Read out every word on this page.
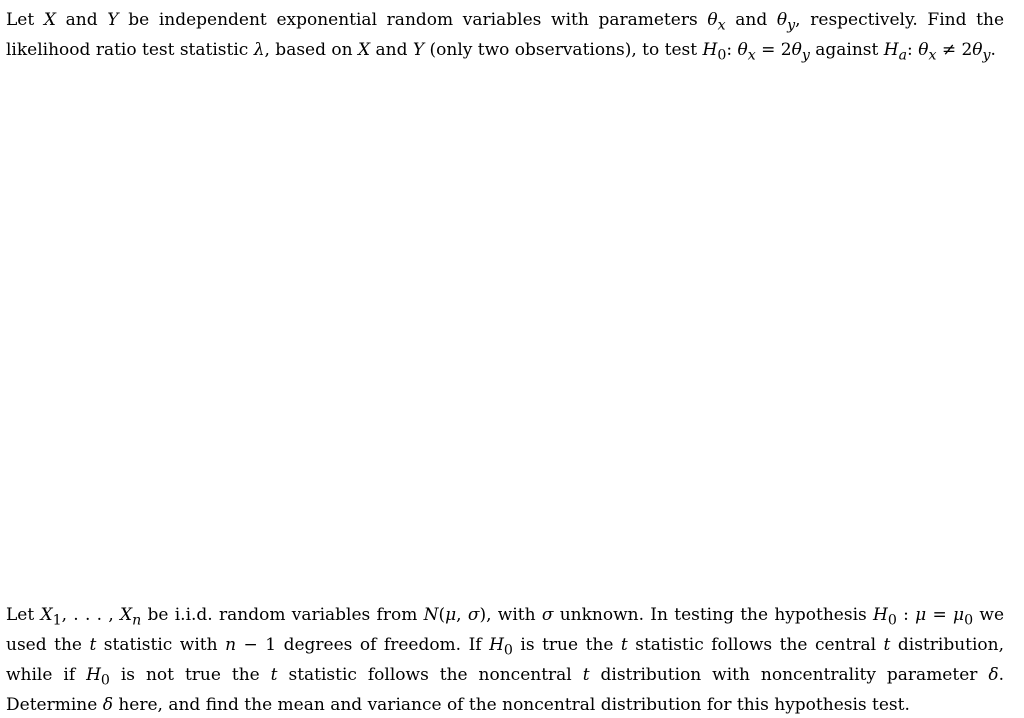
Let X and Y be independent exponential random variables with parameters $\theta_x$ and $\theta_y$, respectively. Find the likelihood ratio test statistic λ, based on X and Y (only two observations), to test $H_0$: $\theta_x = 2\theta_y$ against $H_a$: $\theta_x \ne 2\theta_y$.

Let $X_1$, . . . , $X_n$ be i.i.d. random variables from N(μ, σ), with σ unknown. In testing the hypothesis $H_0$ : $\mu = \mu_0$ we used the t statistic with n − 1 degrees of freedom. If $H_0$ is true the t statistic follows the central t distribution, while if $H_0$ is not true the t statistic follows the noncentral t distribution with noncentrality parameter δ. Determine δ here, and find the mean and variance of the noncentral distribution for this hypothesis test.
